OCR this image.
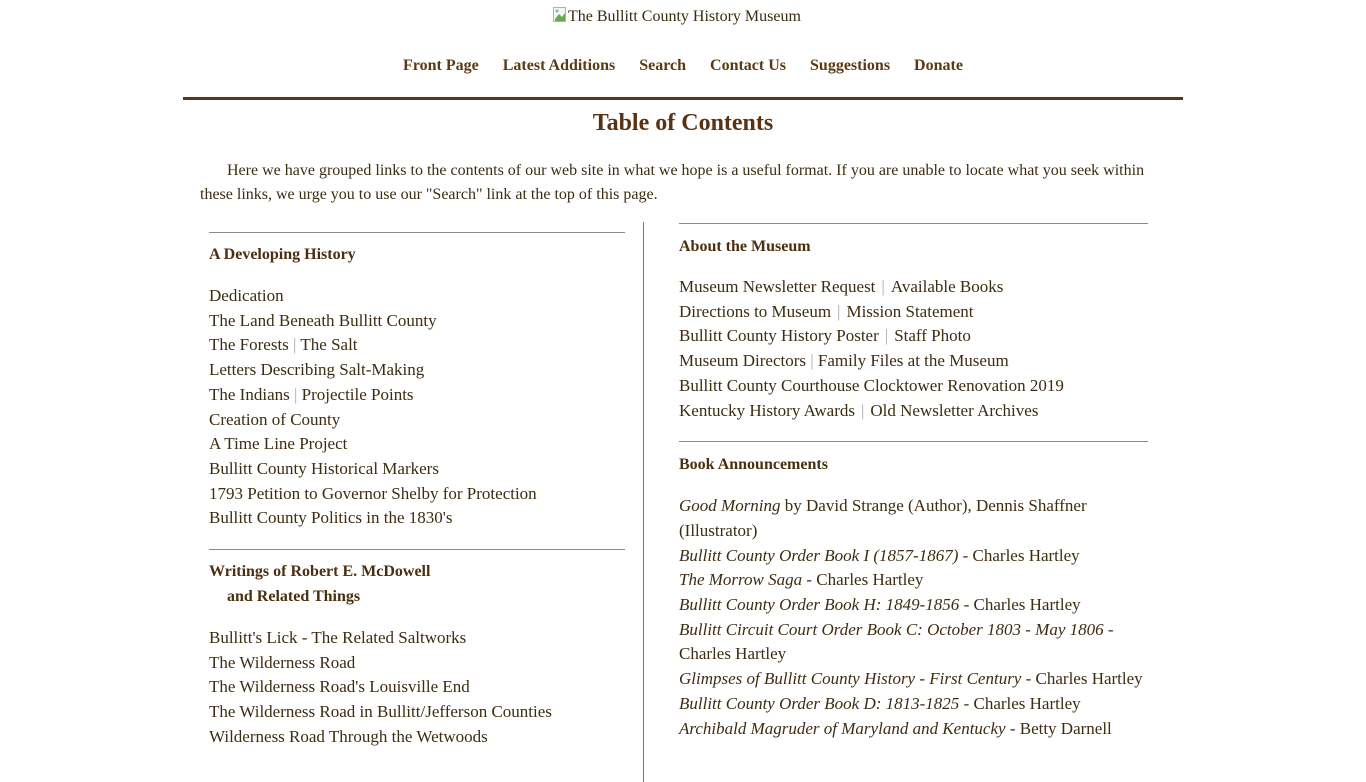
The Bullitt County History Museum
Front Page Latest Additions Search Contact Us Suggestions Donate
Table of Contents

Here we have grouped links to the contents of our web site in what we hope is a useful format. If you are unable to locate what you seek within these links, we urge you to use our "Search" link at the top of this page.

A Developing History
Dedication
The Land Beneath Bullitt County
The Forests | The Salt
Letters Describing Salt-Making
The Indians | Projectile Points
Creation of County
A Time Line Project
Bullitt County Historical Markers
1793 Petition to Governor Shelby for Protection
Bullitt County Politics in the 1830's
Writings of Robert E. McDowell
and Related Things
Bullitt's Lick - The Related Saltworks
The Wilderness Road
The Wilderness Road's Louisville End
The Wilderness Road in Bullitt/Jefferson Counties
Wilderness Road Through the Wetwoods
About the Museum
Museum Newsletter Request | Available Books
Directions to Museum | Mission Statement
Bullitt County History Poster | Staff Photo
Museum Directors | Family Files at the Museum
Bullitt County Courthouse Clocktower Renovation 2019
Kentucky History Awards | Old Newsletter Archives
Book Announcements
Good Morning by David Strange (Author), Dennis Shaffner (Illustrator)
Bullitt County Order Book I (1857-1867) - Charles Hartley
The Morrow Saga - Charles Hartley
Bullitt County Order Book H: 1849-1856 - Charles Hartley
Bullitt Circuit Court Order Book C: October 1803 - May 1806 - Charles Hartley
Glimpses of Bullitt County History - First Century - Charles Hartley
Bullitt County Order Book D: 1813-1825 - Charles Hartley
Archibald Magruder of Maryland and Kentucky - Betty Darnell
